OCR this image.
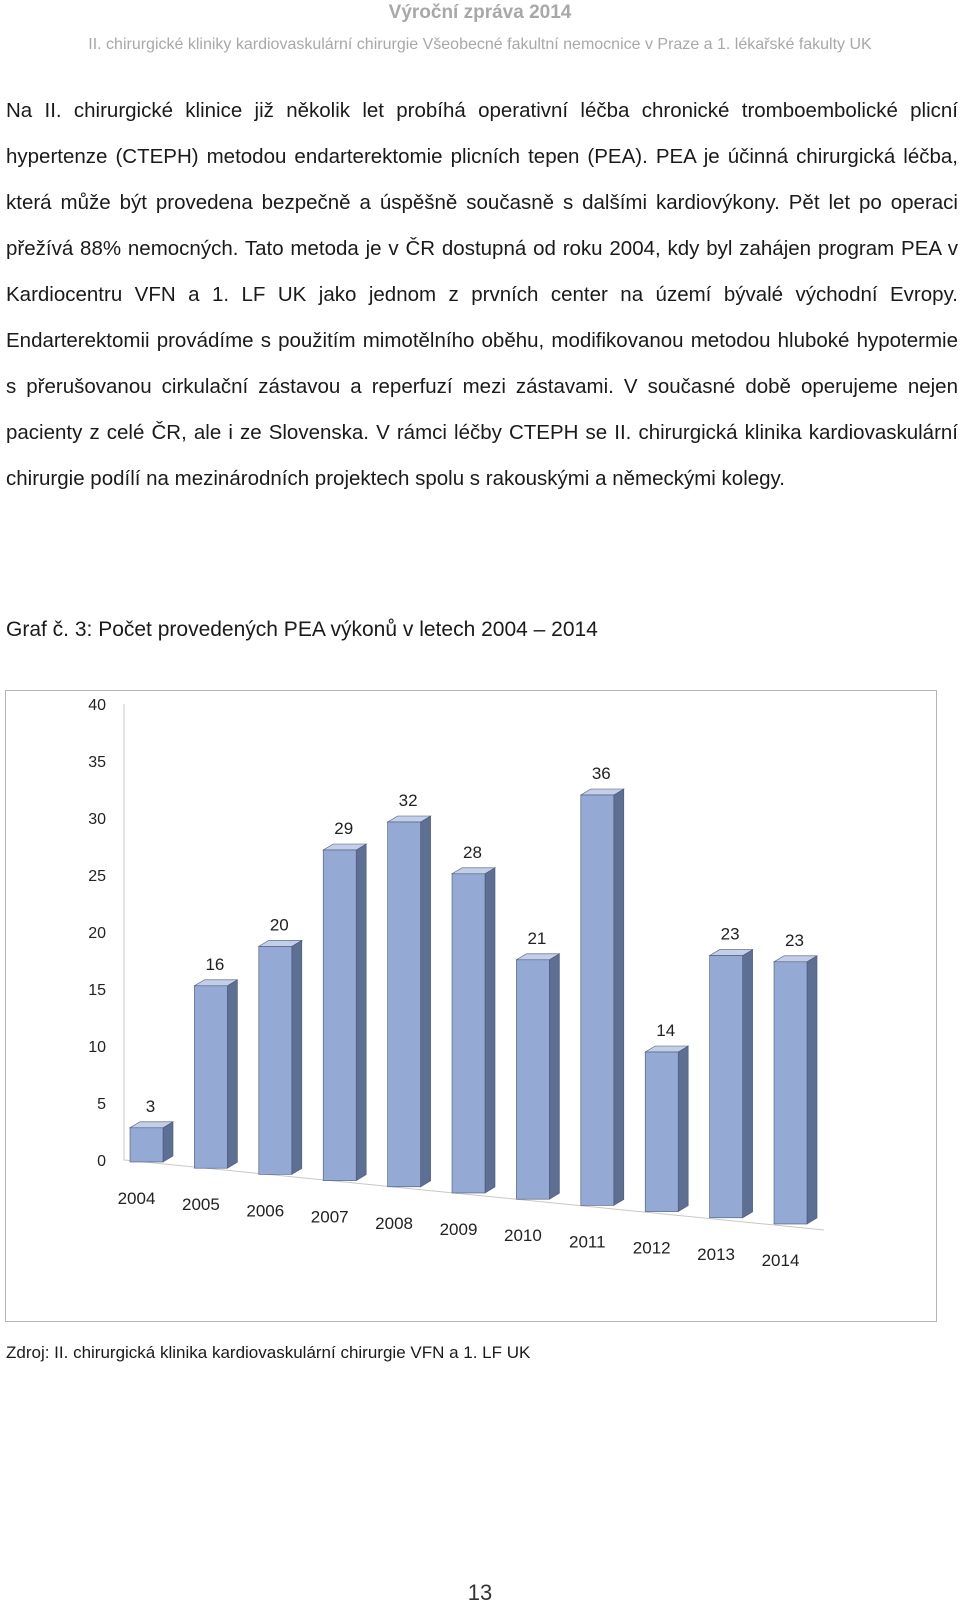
Výroční zpráva 2014
II. chirurgické kliniky kardiovaskulární chirurgie Všeobecné fakultní nemocnice v Praze a 1. lékařské fakulty UK

Na II. chirurgické klinice již několik let probíhá operativní léčba chronické tromboembolické plicní hypertenze (CTEPH) metodou endarterektomie plicních tepen (PEA). PEA je účinná chirurgická léčba, která může být provedena bezpečně a úspěšně současně s dalšími kardiovýkony. Pět let po operaci přežívá 88% nemocných. Tato metoda je v ČR dostupná od roku 2004, kdy byl zahájen program PEA v Kardiocentru VFN a 1. LF UK jako jednom z prvních center na území bývalé východní Evropy. Endarterektomii provádíme s použitím mimotělního oběhu, modifikovanou metodou hluboké hypotermie s přerušovanou cirkulační zástavou a reperfuzí mezi zástavami. V současné době operujeme nejen pacienty z celé ČR, ale i ze Slovenska. V rámci léčby CTEPH se II. chirurgická klinika kardiovaskulární chirurgie podílí na mezinárodních projektech spolu s rakouskými a německými kolegy.

Graf č. 3: Počet provedených PEA výkonů v letech 2004 – 2014
0
5
10
15
20
25
30
35
40
3
2004
16
2005
20
2006
29
2007
32
2008
28
2009
21
2010
36
2011
14
2012
23
2013
23
2014
Zdroj: II. chirurgická klinika kardiovaskulární chirurgie VFN a 1. LF UK
13
